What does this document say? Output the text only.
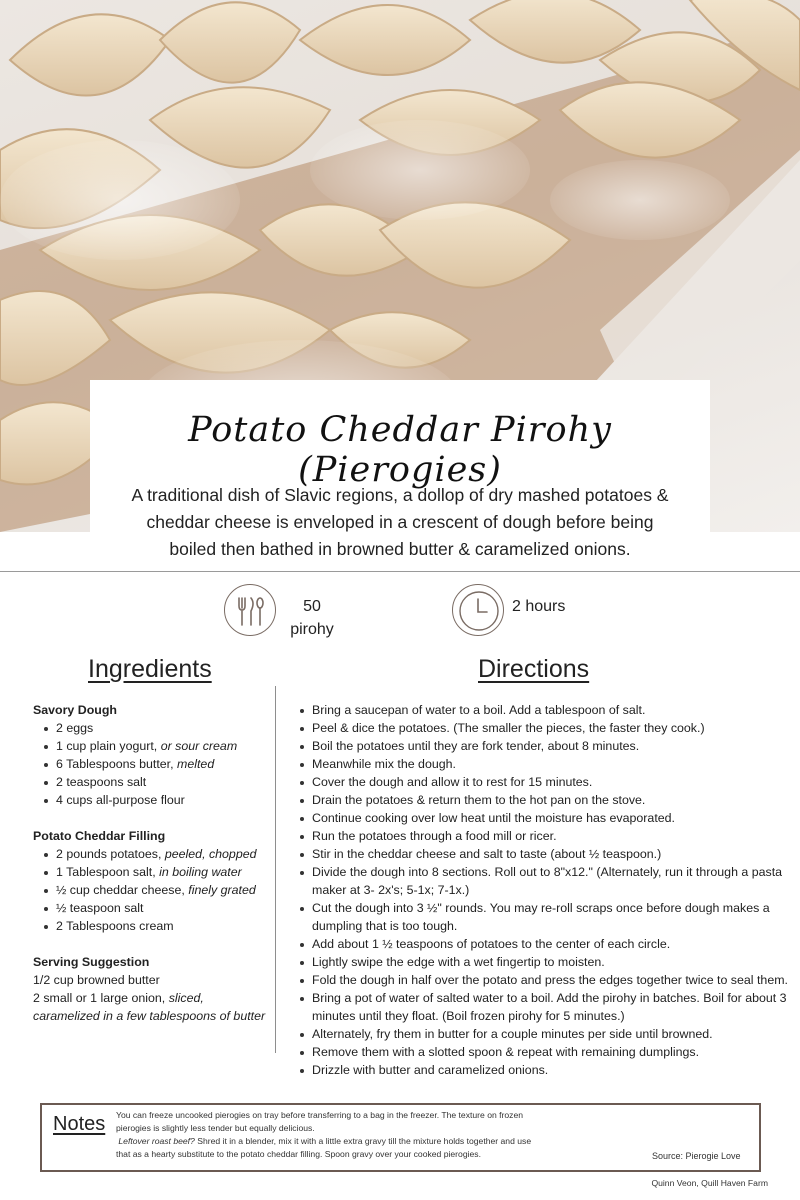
Potato Cheddar Pirohy (Pierogies)
A traditional dish of Slavic regions, a dollop of dry mashed potatoes &
cheddar cheese is enveloped in a crescent of dough before being
boiled then bathed in browned butter & caramelized onions.
50
pirohy
2 hours
Ingredients	Directions
Savory Dough
2 eggs
1 cup plain yogurt, or sour cream
6 Tablespoons butter, melted
2 teaspoons salt
4 cups all-purpose flour
Potato Cheddar Filling
2 pounds potatoes, peeled, chopped
1 Tablespoon salt, in boiling water
½ cup cheddar cheese, finely grated
½ teaspoon salt
2 Tablespoons cream
Serving Suggestion
1/2 cup browned butter
2 small or 1 large onion, sliced,
caramelized in a few tablespoons of butter
Bring a saucepan of water to a boil. Add a tablespoon of salt.
Peel & dice the potatoes. (The smaller the pieces, the faster they cook.)
Boil the potatoes until they are fork tender, about 8 minutes.
Meanwhile mix the dough.
Cover the dough and allow it to rest for 15 minutes.
Drain the potatoes & return them to the hot pan on the stove.
Continue cooking over low heat until the moisture has evaporated.
Run the potatoes through a food mill or ricer.
Stir in the cheddar cheese and salt to taste (about ½ teaspoon.)
Divide the dough into 8 sections. Roll out to 8"x12." (Alternately, run it through a pasta maker at 3- 2x's; 5-1x; 7-1x.)
Cut the dough into 3 ½" rounds. You may re-roll scraps once before dough makes a dumpling that is too tough.
Add about 1 ½ teaspoons of potatoes to the center of each circle.
Lightly swipe the edge with a wet fingertip to moisten.
Fold the dough in half over the potato and press the edges together twice to seal them.
Bring a pot of water of salted water to a boil. Add the pirohy in batches. Boil for about 3 minutes until they float. (Boil frozen pirohy for 5 minutes.)
Alternately, fry them in butter for a couple minutes per side until browned.
Remove them with a slotted spoon & repeat with remaining dumplings.
Drizzle with butter and caramelized onions.
Notes You can freeze uncooked pierogies on tray before transferring to a bag in the freezer. The texture on frozen
pierogies is slightly less tender but equally delicious.
Leftover roast beef? Shred it in a blender, mix it with a little extra gravy till the mixture holds together and use
that as a hearty substitute to the potato cheddar filling. Spoon gravy over your cooked pierogies.	Source: Pierogie Love
Quinn Veon, Quill Haven Farm
